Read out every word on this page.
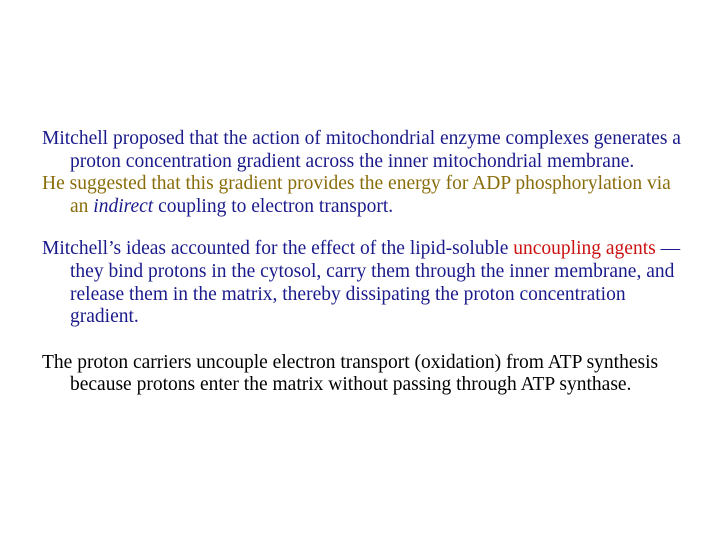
Mitchell proposed that the action of mitochondrial enzyme complexes generates a proton concentration gradient across the inner mitochondrial membrane.

He suggested that this gradient provides the energy for ADP phosphorylation via an indirect coupling to electron transport.

Mitchell’s ideas accounted for the effect of the lipid-soluble uncoupling agents —they bind protons in the cytosol, carry them through the inner membrane, and release them in the matrix, thereby dissipating the proton concentration gradient.

The proton carriers uncouple electron transport (oxidation) from ATP synthesis because protons enter the matrix without passing through ATP synthase.
